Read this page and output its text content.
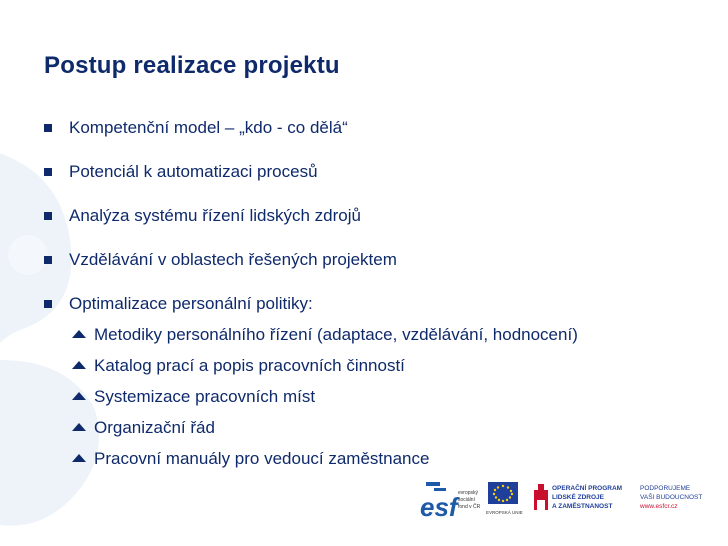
Postup realizace projektu
Kompetenční model – „kdo - co dělá“
Potenciál k automatizaci procesů
Analýza systému řízení lidských zdrojů
Vzdělávání v oblastech řešených projektem
Optimalizace personální politiky:
Metodiky personálního řízení (adaptace, vzdělávání, hodnocení)
Katalog prací a popis pracovních činností
Systemizace pracovních míst
Organizační řád
Pracovní manuály pro vedoucí zaměstnance
esf evropský
sociální
fond v ČR
EVROPSKÁ UNIE
OPERAČNÍ PROGRAM
LIDSKÉ ZDROJE
A ZAMĚSTNANOST
PODPORUJEME
VAŠI BUDOUCNOST
www.esfcr.cz
